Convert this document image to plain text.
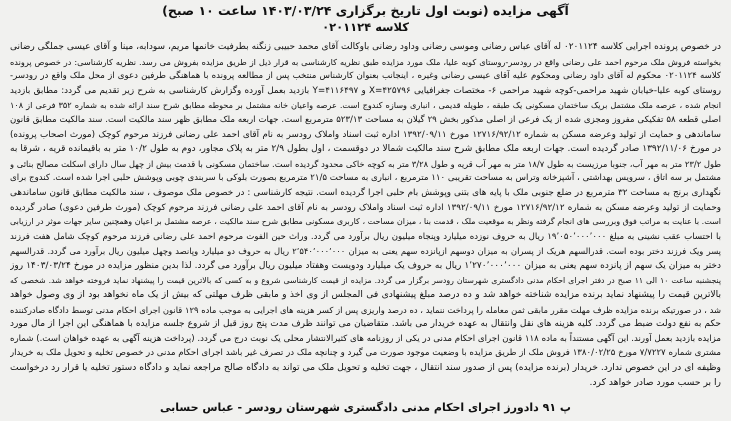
آگهی مزایده (نوبت اول تاریخ برگزاری ۱۴۰۳/۰۳/۲۴ ساعت ۱۰ صبح)
کلاسه ۰۲۰۱۱۲۴
در خصوص پرونده اجرایی کلاسه ۰۲۰۱۱۲۴ له آقای عباس رضانی وموسی رضانی وداود رضانی باوکالت آقای محمد حبیبی زنگنه بطرفیت خانمها مریم، سودابه، مینا و آقای عیسی جملگی رضانی
بخواسته فروش ملک مرحوم احمد علی رضانی واقع در رودسر-روستای کوبه علیا، ملک مورد مزایده طبق نظریه کارشناسی به قرار ذیل از طریق مزایده بفروش می رسد. نظریه کارشناسی: در خصوص پرونده
کلاسه ۰۲۰۱۱۲۴ محکوم له آقای داود رضانی ومحکوم علیه آقای عیسی رضانی وغیره ، اینجانب بعنوان کارشناس منتخب پس از مطالعه پرونده با هماهنگی طرفین دعوی از محل ملک واقع در رودسر-
روستای کوبه علیا-خیابان شهید مراحمی-کوچه شهید مراحمی ۶- مختصات جغرافیایی X=۴۲۵۷۹۶ و Y=۴۱۱۶۴۹۷ بازدید بعمل آورده وگزارش کارشناسی به شرح زیر تقدیم می گردد: مطابق بازدید
انجام شده ، عرصه ملک مشتمل بریک ساختمان مسکونی یک طبقه ، طویله قدیمی ، انباری وسازه کندوج است. عرصه واعیان خانه مشتمل بر محوطه مطابق شرح سند ارائه شده به شماره ۳۵۲ فرعی از ۱۰۸
اصلی قطعه ۵۸ تفکیکی مفروز ومجزی شده از یک فرعی از اصلی مذکور بخش ۲۹ گیلان به مساحت ۵۲۳/۱۳ مترمربع است. جهات اربعه ملک مطابق ظهر سند مالکیت است. سند مالکیت مطابق قانون
ساماندهی و حمایت از تولید وعرضه مسکن به شماره ۱۲۷۱۶/۹۲/۱۲ مورخ ۱۳۹۲/۰۹/۱۱ اداره ثبت اسناد واملاک رودسر به نام آقای احمد علی رضانی فرزند مرحوم کوچک (مورث اصحاب پرونده)
در مورخ ۱۳۹۲/۱۱/۰۶ صادر گردیده است. جهات اربعه ملک مطابق شرح سند مالکیت شمالا در دوقسمت ، اول بطول ۲/۹ متر به پلاک مجاور، دوم به طول ۱۰/۲ متر به باقیمانده قریه ، شرقا به
طول ۲۳/۲ متر به مهر آب، جنوبا مرزیست به طول ۱۸/۷ متر به مهر آب قریه و طول ۳/۲۸ متر به کوچه خاکی محدود گردیده است. ساختمان مسکونی با قدمت بیش از چهل سال دارای اسکلت مصالح بنائی و
مشتمل بر سه اتاق ، سرویس بهداشتی ، آشپزخانه وتراس به مساحت تقریبی ۱۱۰ مترمربع ، انباری به مساحت ۲۱/۵ مترمربع بصورت بلوکی با سربندی چوبی وپوشش حلبی اجرا شده است. کندوج برای
نگهداری برنج به مساحت ۳۲ مترمربع در ضلع جنوبی ملک با پایه های بتنی وپوشش بام حلبی اجرا گردیده است. نتیجه کارشناسی : در خصوص ملک موصوف ، سند مالکیت مطابق قانون ساماندهی
وحمایت از تولید وعرضه مسکن به شماره ۱۲۷۱۶/۹۲/۱۲ مورخ ۱۳۹۲/۰۹/۱۱ اداره ثبت اسناد واملاک رودسر به نام آقای احمد علی رضانی فرزند مرحوم کوچک (مورث طرفین دعوی) صادر گردیده
است. با عنایت به مراتب فوق وبررسی های انجام گرفته ونظر به موقعیت ملک ، قدمت بنا ، میزان مساحت ، کاربری مسکونی مطابق شرح سند مالکیت ، عرصه مشتمل بر اعیان وهمچنین سایر جهات موثر در ارزیابی
با احتساب عقب نشینی به مبلغ ۱۹٬۰۵۰٬۰۰۰٬۰۰۰ ریال به حروف نوزده میلیارد وپنجاه میلیون ریال برآورد می گردد. وراث حین الفوت مرحوم احمد علی رضانی فرزند مرحوم کوچک شامل هفت فرزند
پسر ویک فرزند دختر بوده است. قدرالسهم هریک از پسران به میزان دوسهم ازپانزده سهم یعنی به میزان ۲٬۵۴۰٬۰۰۰٬۰۰۰ ریال به حروف دو میلیارد وپانصد وچهل میلیون ریال برآورد می گردد. قدرالسهم
دختر به میزان یک سهم از پانزده سهم یعنی به میزان ۱٬۲۷۰٬۰۰۰٬۰۰۰ ریال به حروف یک میلیارد ودویست وهفتاد میلیون ریال برآورد می گردد. لذا بدین منظور مزایده در مورخ ۱۴۰۳/۰۳/۲۴ روز
پنجشنبه ساعت ۱۰ الی ۱۱ صبح در دفتر اجرای احکام مدنی دادگستری شهرستان رودسر برگزار می گردد. مزایده از قیمت کارشناسی شروع و به کسی که بالاترین قیمت را پیشنهاد نماید فروخته خواهد شد. شخصی که
بالاترین قیمت را پیشنهاد نماید برنده مزایده شناخته خواهد شد و ده درصد مبلغ پیشنهادی فی المجلس از وی اخذ و مابقی ظرف مهلتی که بیش از یک ماه نخواهد بود از وی وصول خواهد
شد ، در صورتیکه برنده مزایده ظرف مهلت مقرر مابقی ثمن معامله را پرداخت ننماید ، ده درصد واریزی پس از کسر هزینه های اجرایی به موجب ماده ۱۲۹ قانون اجرای احکام مدنی توسط دادگاه صادرکننده
حکم به نفع دولت ضبط می گردد. کلیه هزینه های نقل وانتقال به عهده خریدار می باشد. متقاضیان می توانند ظرف مدت پنج روز قبل از شروع جلسه مزایده با هماهنگی این اجرا از مال مورد
مزایده بازدید بعمل آورند. این آگهی مستنداً به ماده ۱۱۸ قانون اجرای احکام مدنی در یکی از روزنامه های کثیرالانتشار محلی یک نوبت درج می گردد. (پرداخت هزینه آگهی به عهده خواهان است.) شماره
مشتری شماره ۷/۷۲۲۷ مورخ ۱۳۸۰/۰۲/۲۵ فروش ملک از طریق مزایده با وضعیت موجود صورت می گیرد و چنانچه ملک در تصرف غیر باشد اجرای احکام مدنی در خصوص تخلیه و تحویل ملک به خریدار
وظیفه ای در این خصوص ندارد. خریدار (برنده مزایده) پس از صدور سند انتقال ، جهت تخلیه و تحویل ملک می تواند به دادگاه صالح مراجعه نماید و دادگاه دستور تخلیه یا قرار رد درخواست
را بر حسب مورد صادر خواهد کرد.
پ ۹۱ دادورز اجرای احکام مدنی دادگستری شهرستان رودسر - عباس حسابی
